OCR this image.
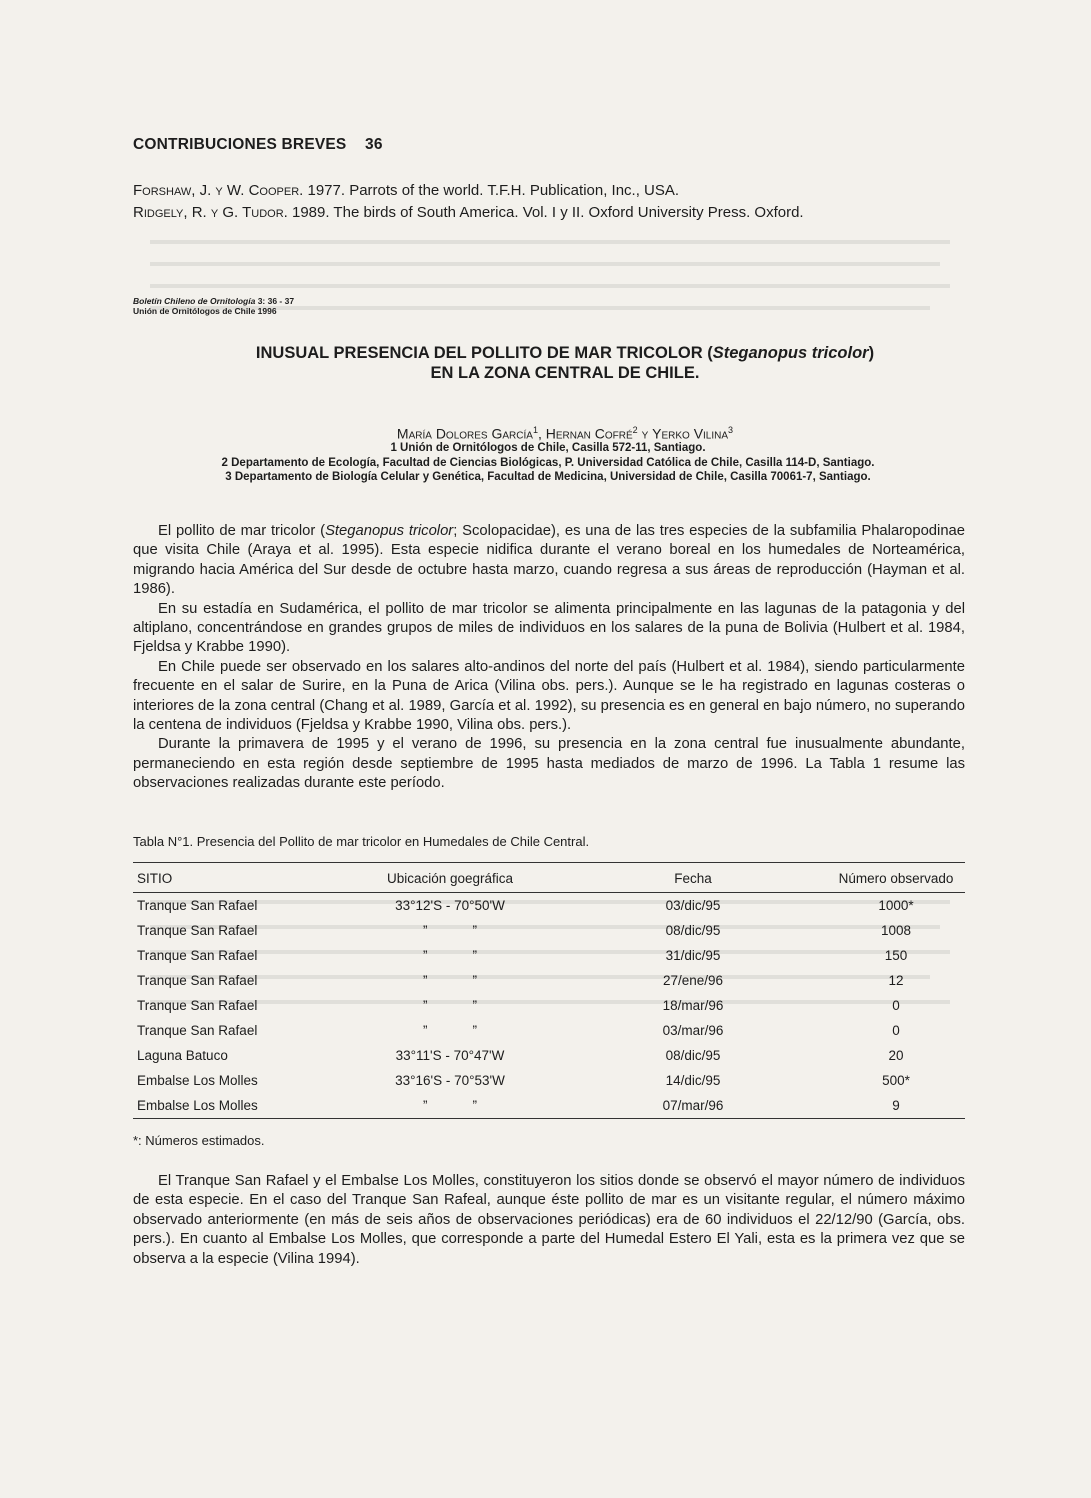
CONTRIBUCIONES BREVES 36

Forshaw, J. y W. Cooper. 1977. Parrots of the world. T.F.H. Publication, Inc., USA.

Ridgely, R. y G. Tudor. 1989. The birds of South America. Vol. I y II. Oxford University Press. Oxford.

Boletín Chileno de Ornitología 3: 36 - 37
Unión de Ornitólogos de Chile 1996
INUSUAL PRESENCIA DEL POLLITO DE MAR TRICOLOR (Steganopus tricolor)
EN LA ZONA CENTRAL DE CHILE.
María Dolores García$^1$, Hernan Cofré$^2$ y Yerko Vilina$^3$

1 Unión de Ornitólogos de Chile, Casilla 572-11, Santiago.

2 Departamento de Ecología, Facultad de Ciencias Biológicas, P. Universidad Católica de Chile, Casilla 114-D, Santiago.

3 Departamento de Biología Celular y Genética, Facultad de Medicina, Universidad de Chile, Casilla 70061-7, Santiago.

El pollito de mar tricolor (Steganopus tricolor; Scolopacidae), es una de las tres especies de la subfamilia Phalaropodinae que visita Chile (Araya et al. 1995). Esta especie nidifica durante el verano boreal en los humedales de Norteamérica, migrando hacia América del Sur desde de octubre hasta marzo, cuando regresa a sus áreas de reproducción (Hayman et al. 1986).

En su estadía en Sudamérica, el pollito de mar tricolor se alimenta principalmente en las lagunas de la patagonia y del altiplano, concentrándose en grandes grupos de miles de individuos en los salares de la puna de Bolivia (Hulbert et al. 1984, Fjeldsa y Krabbe 1990).

En Chile puede ser observado en los salares alto-andinos del norte del país (Hulbert et al. 1984), siendo particularmente frecuente en el salar de Surire, en la Puna de Arica (Vilina obs. pers.). Aunque se le ha registrado en lagunas costeras o interiores de la zona central (Chang et al. 1989, García et al. 1992), su presencia es en general en bajo número, no superando la centena de individuos (Fjeldsa y Krabbe 1990, Vilina obs. pers.).

Durante la primavera de 1995 y el verano de 1996, su presencia en la zona central fue inusualmente abundante, permaneciendo en esta región desde septiembre de 1995 hasta mediados de marzo de 1996. La Tabla 1 resume las observaciones realizadas durante este período.

Tabla N°1. Presencia del Pollito de mar tricolor en Humedales de Chile Central.
SITIO	Ubicación goegráfica	Fecha	Número observado
Tranque San Rafael	33°12'S - 70°50'W	03/dic/95	1000*
Tranque San Rafael	”            ”	08/dic/95	1008
Tranque San Rafael	”            ”	31/dic/95	150
Tranque San Rafael	”            ”	27/ene/96	12
Tranque San Rafael	”            ”	18/mar/96	0
Tranque San Rafael	”            ”	03/mar/96	0
Laguna Batuco	33°11'S - 70°47'W	08/dic/95	20
Embalse Los Molles	33°16'S - 70°53'W	14/dic/95	500*
Embalse Los Molles	”            ”	07/mar/96	9
*: Números estimados.

El Tranque San Rafael y el Embalse Los Molles, constituyeron los sitios donde se observó el mayor número de individuos de esta especie. En el caso del Tranque San Rafeal, aunque éste pollito de mar es un visitante regular, el número máximo observado anteriormente (en más de seis años de observaciones periódicas) era de 60 individuos el 22/12/90 (García, obs. pers.). En cuanto al Embalse Los Molles, que corresponde a parte del Humedal Estero El Yali, esta es la primera vez que se observa a la especie (Vilina 1994).
